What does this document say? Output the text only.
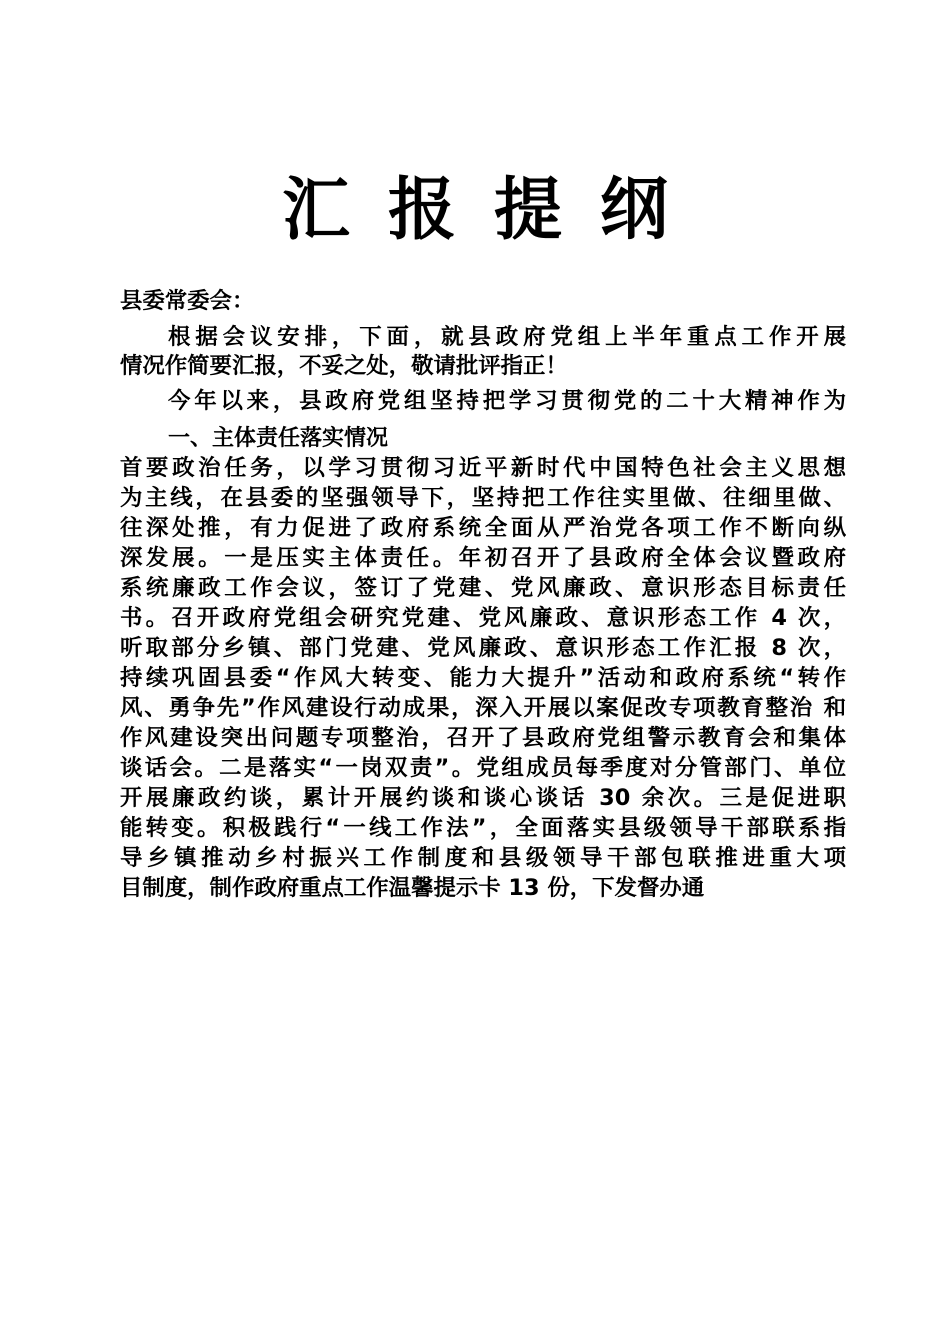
汇报提纲
县委常委会：
根据会议安排，下面，就县政府党组上半年重点工作开展
情况作简要汇报，不妥之处，敬请批评指正！
今年以来，县政府党组坚持把学习贯彻党的二十大精神作为
一、主体责任落实情况
首要政治任务，以学习贯彻习近平新时代中国特色社会主义思想
为主线，在县委的坚强领导下，坚持把工作往实里做、往细里做、
往深处推，有力促进了政府系统全面从严治党各项工作不断向纵
深发展。一是压实主体责任。年初召开了县政府全体会议暨政府
系统廉政工作会议，签订了党建、党风廉政、意识形态目标责任
书。召开政府党组会研究党建、党风廉政、意识形态工作 4 次，
听取部分乡镇、部门党建、党风廉政、意识形态工作汇报 8 次，
持续巩固县委“作风大转变、能力大提升”活动和政府系统“转作
风、勇争先”作风建设行动成果，深入开展以案促改专项教育整治 和
作风建设突出问题专项整治，召开了县政府党组警示教育会和集体
谈话会。二是落实“一岗双责”。党组成员每季度对分管部门、单位
开展廉政约谈，累计开展约谈和谈心谈话 30 余次。三是促进职
能转变。积极践行“一线工作法”，全面落实县级领导干部联系指
导乡镇推动乡村振兴工作制度和县级领导干部包联推进重大项
目制度，制作政府重点工作温馨提示卡 13 份，下发督办通
